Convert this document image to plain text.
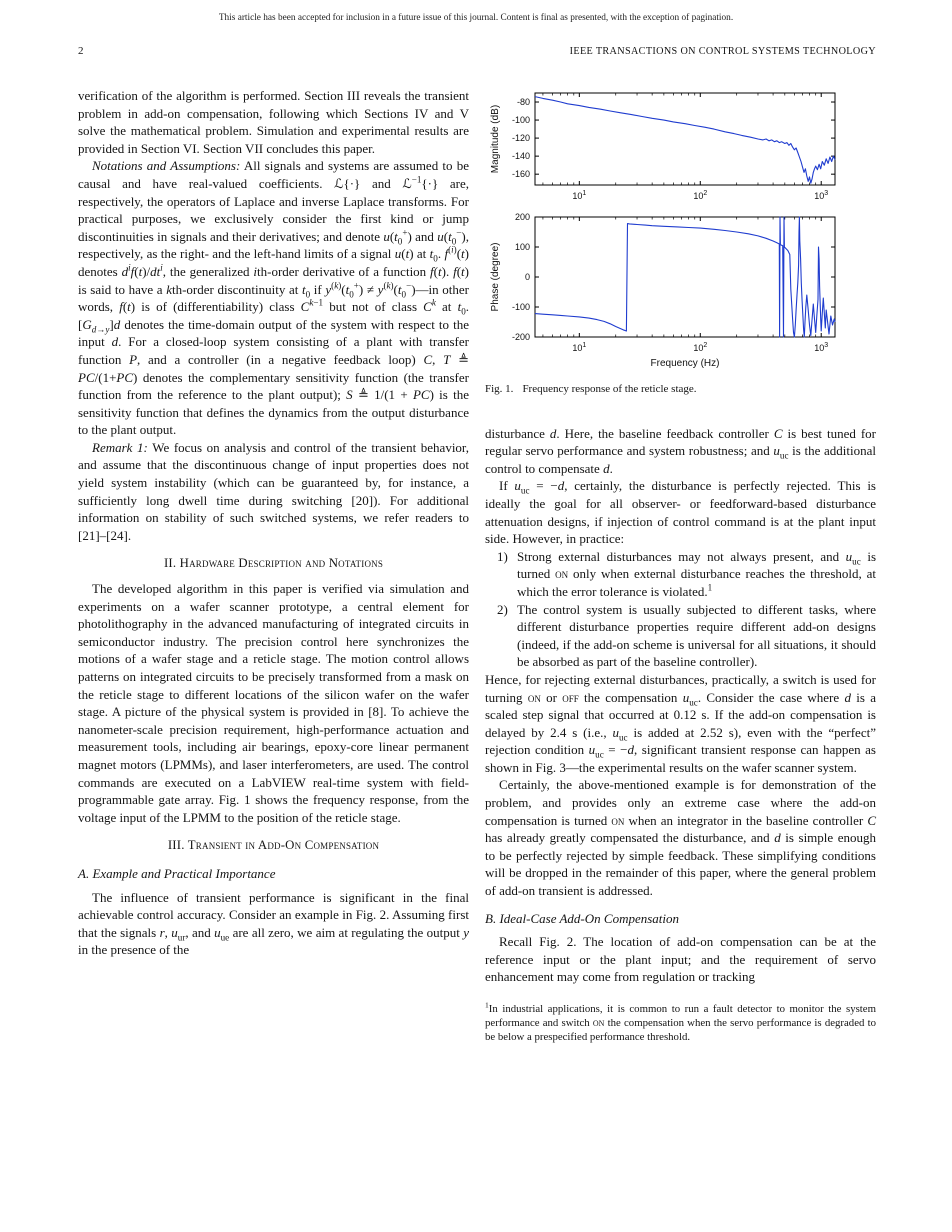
This article has been accepted for inclusion in a future issue of this journal. Content is final as presented, with the exception of pagination.
2	IEEE TRANSACTIONS ON CONTROL SYSTEMS TECHNOLOGY

verification of the algorithm is performed. Section III reveals the transient problem in add-on compensation, following which Sections IV and V solve the mathematical problem. Simulation and experimental results are provided in Section VI. Section VII concludes this paper.

Notations and Assumptions: All signals and systems are assumed to be causal and have real-valued coefficients. ℒ{·} and ℒ$^{-1}${·} are, respectively, the operators of Laplace and inverse Laplace transforms. For practical purposes, we exclusively consider the first kind or jump discontinuities in signals and their derivatives; and denote $u(t_0^+)$ and $u(t_0^-)$, respectively, as the right- and the left-hand limits of a signal u(t) at $t_0$. $f^{(i)}(t)$ denotes $d^if(t)/dt^i$, the generalized ith-order derivative of a function f(t). f(t) is said to have a kth-order discontinuity at $t_0$ if $y^{(k)}(t_0^+)$ ≠ $y^{(k)}(t_0^-)—in$ other words, f(t) is of (differentiability) class $C^{k-1}$ but not of class $C^k$ at $t_0$. $[G_{d\to y}]d$ denotes the time-domain output of the system with respect to the input d. For a closed-loop system consisting of a plant with transfer function P, and a controller (in a negative feedback loop) C, T ≜ PC/(1+PC) denotes the complementary sensitivity function (the transfer function from the reference to the plant output); S ≜ 1/(1 + PC) is the sensitivity function that defines the dynamics from the output disturbance to the plant output.

Remark 1: We focus on analysis and control of the transient behavior, and assume that the discontinuous change of input properties does not yield system instability (which can be guaranteed by, for instance, a sufficiently long dwell time during switching [20]). For additional information on stability of such switched systems, we refer readers to [21]–[24].

II. Hardware Description and Notations

The developed algorithm in this paper is verified via simulation and experiments on a wafer scanner prototype, a central element for photolithography in the advanced manufacturing of integrated circuits in semiconductor industry. The precision control here synchronizes the motions of a wafer stage and a reticle stage. The motion control allows patterns on integrated circuits to be precisely transformed from a mask on the reticle stage to different locations of the silicon wafer on the wafer stage. A picture of the physical system is provided in [8]. To achieve the nanometer-scale precision requirement, high-performance actuation and measurement tools, including air bearings, epoxy-core linear permanent magnet motors (LPMMs), and laser interferometers, are used. The control commands are executed on a LabVIEW real-time system with field-programmable gate array. Fig. 1 shows the frequency response, from the voltage input of the LPMM to the position of the reticle stage.

III. Transient in Add-On Compensation
A. Example and Practical Importance

The influence of transient performance is significant in the final achievable control accuracy. Consider an example in Fig. 2. Assuming first that the signals r, $u_{ur}$, and $u_{ue}$ are all zero, we aim at regulating the output y in the presence of the

-160
-140
-120
-100
-80
$10^1$	$10^2$	$10^3$
Magnitude (dB)
-200
-100
0
100
200
$10^1$	$10^2$	$10^3$
Phase (degree)
Frequency (Hz)
Fig. 1. Frequency response of the reticle stage.

disturbance d. Here, the baseline feedback controller C is best tuned for regular servo performance and system robustness; and $u_{uc}$ is the additional control to compensate d.

If $u_{uc} = -d$, certainly, the disturbance is perfectly rejected. This is ideally the goal for all observer- or feedforward-based disturbance attenuation designs, if injection of control command is at the plant input side. However, in practice:

1) Strong external disturbances may not always present, and $u_{uc}$ is turned on only when external disturbance reaches the threshold, at which the error tolerance is violated.$^1$
2) The control system is usually subjected to different tasks, where different disturbance properties require different add-on designs (indeed, if the add-on scheme is universal for all situations, it should be absorbed as part of the baseline controller).

Hence, for rejecting external disturbances, practically, a switch is used for turning on or off the compensation $u_{uc}$. Consider the case where d is a scaled step signal that occurred at 0.12 s. If the add-on compensation is delayed by 2.4 s (i.e., $u_{uc}$ is added at 2.52 s), even with the “perfect” rejection condition $u_{uc} = -d$, significant transient response can happen as shown in Fig. 3—the experimental results on the wafer scanner system.

Certainly, the above-mentioned example is for demonstration of the problem, and provides only an extreme case where the add-on compensation is turned on when an integrator in the baseline controller C has already greatly compensated the disturbance, and d is simple enough to be perfectly rejected by simple feedback. These simplifying conditions will be dropped in the remainder of this paper, where the general problem of add-on transient is addressed.

B. Ideal-Case Add-On Compensation

Recall Fig. 2. The location of add-on compensation can be at the reference input or the plant input; and the requirement of servo enhancement may come from regulation or tracking

$^1$In industrial applications, it is common to run a fault detector to monitor the system performance and switch on the compensation when the servo performance is degraded to be below a prespecified performance threshold.
